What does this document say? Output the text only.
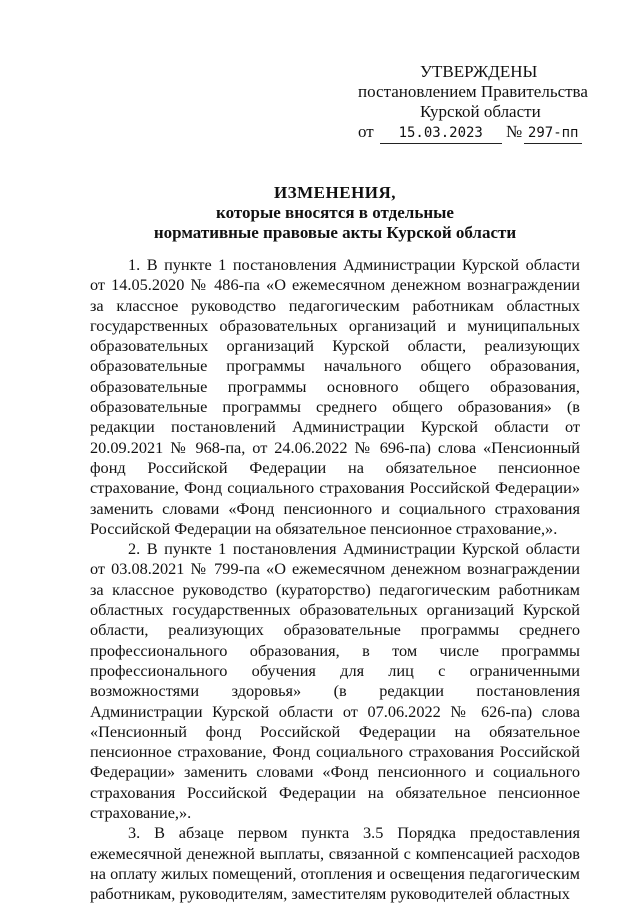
УТВЕРЖДЕНЫ
постановлением Правительства
Курской области
от 15.03.2023 № 297-пп
ИЗМЕНЕНИЯ,
которые вносятся в отдельные
нормативные правовые акты Курской области

1. В пункте 1 постановления Администрации Курской области от 14.05.2020 № 486-па «О ежемесячном денежном вознаграждении за классное руководство педагогическим работникам областных государственных образовательных организаций и муниципальных образовательных организаций Курской области, реализующих образовательные программы начального общего образования, образовательные программы основного общего образования, образовательные программы среднего общего образования» (в редакции постановлений Администрации Курской области от 20.09.2021 № 968-па, от 24.06.2022 № 696-па) слова «Пенсионный фонд Российской Федерации на обязательное пенсионное страхование, Фонд социального страхования Российской Федерации» заменить словами «Фонд пенсионного и социального страхования Российской Федерации на обязательное пенсионное страхование,».

2. В пункте 1 постановления Администрации Курской области от 03.08.2021 № 799-па «О ежемесячном денежном вознаграждении за классное руководство (кураторство) педагогическим работникам областных государственных образовательных организаций Курской области, реализующих образовательные программы среднего профессионального образования, в том числе программы профессионального обучения для лиц с ограниченными возможностями здоровья» (в редакции постановления Администрации Курской области от 07.06.2022 № 626-па) слова «Пенсионный фонд Российской Федерации на обязательное пенсионное страхование, Фонд социального страхования Российской Федерации» заменить словами «Фонд пенсионного и социального страхования Российской Федерации на обязательное пенсионное страхование,».

3. В абзаце первом пункта 3.5 Порядка предоставления ежемесячной денежной выплаты, связанной с компенсацией расходов на оплату жилых помещений, отопления и освещения педагогическим работникам, руководителям, заместителям руководителей областных
